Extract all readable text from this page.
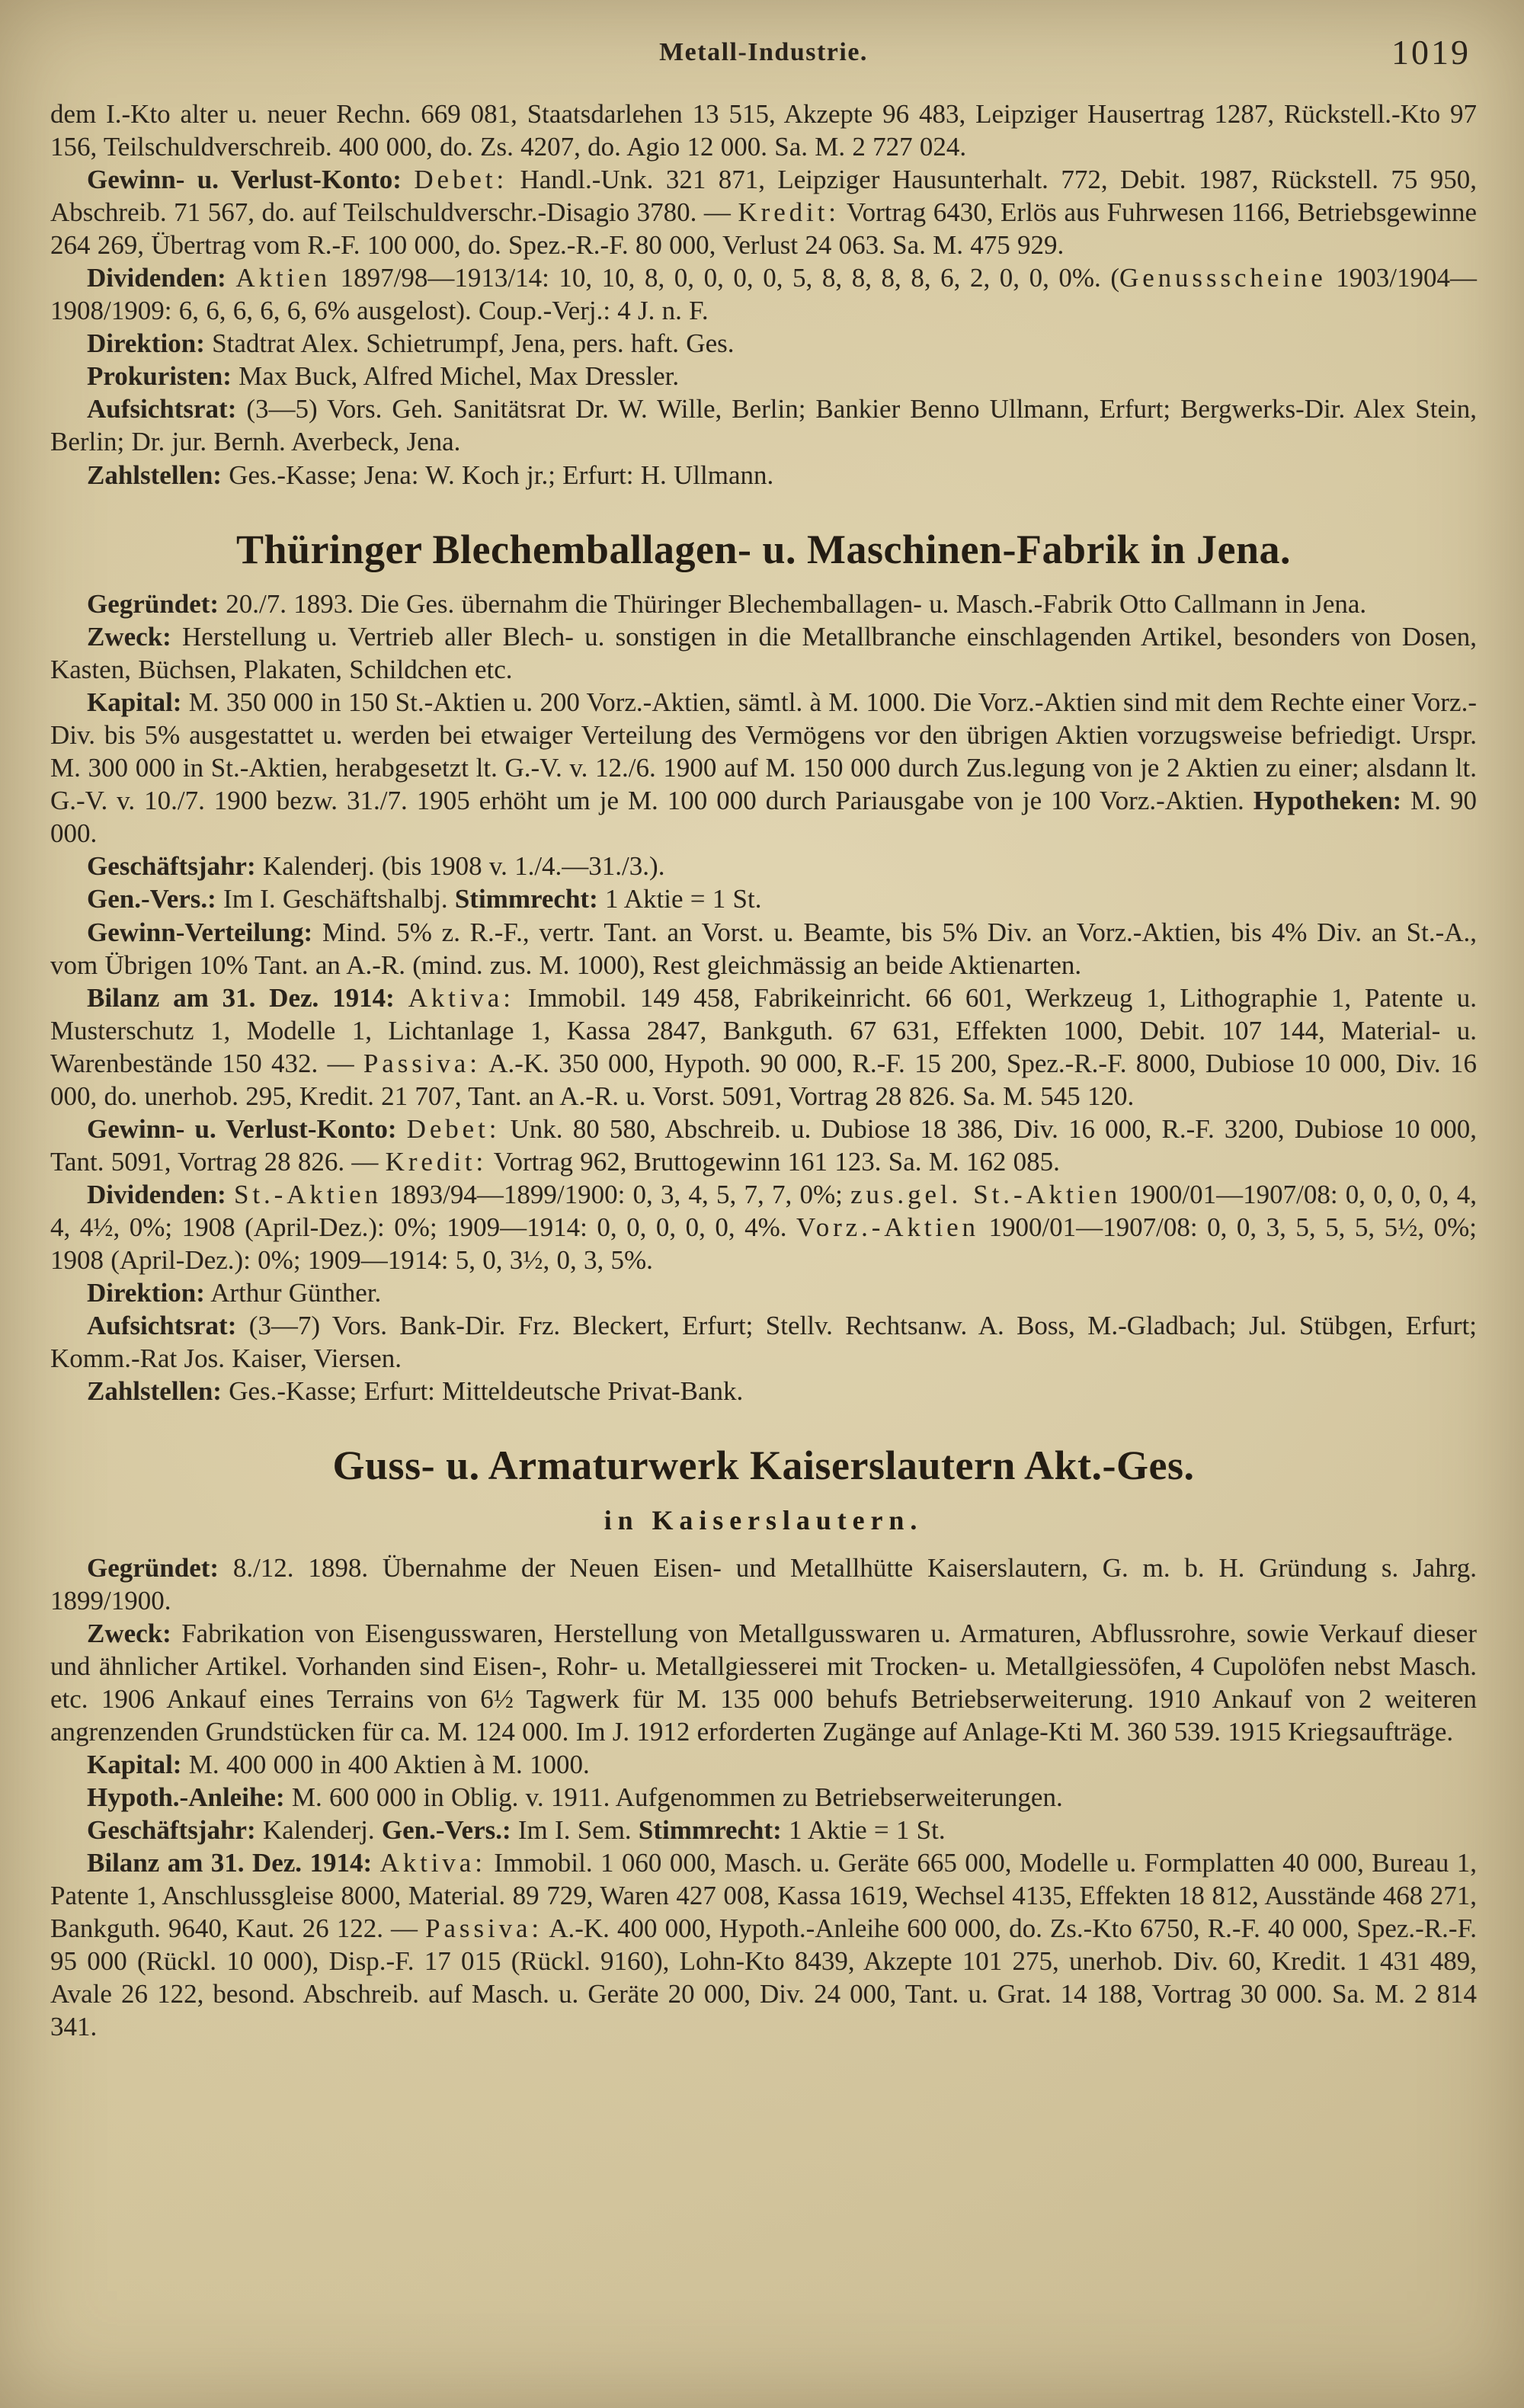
Metall-Industrie.	1019

dem I.-Kto alter u. neuer Rechn. 669 081, Staatsdarlehen 13 515, Akzepte 96 483, Leipziger Hausertrag 1287, Rückstell.-Kto 97 156, Teilschuldverschreib. 400 000, do. Zs. 4207, do. Agio 12 000. Sa. M. 2 727 024.

Gewinn- u. Verlust-Konto: Debet: Handl.-Unk. 321 871, Leipziger Hausunterhalt. 772, Debit. 1987, Rückstell. 75 950, Abschreib. 71 567, do. auf Teilschuldverschr.-Disagio 3780. — Kredit: Vortrag 6430, Erlös aus Fuhrwesen 1166, Betriebsgewinne 264 269, Übertrag vom R.-F. 100 000, do. Spez.-R.-F. 80 000, Verlust 24 063. Sa. M. 475 929.

Dividenden: Aktien 1897/98—1913/14: 10, 10, 8, 0, 0, 0, 0, 5, 8, 8, 8, 8, 6, 2, 0, 0, 0%. (Genussscheine 1903/1904—1908/1909: 6, 6, 6, 6, 6, 6% ausgelost). Coup.-Verj.: 4 J. n. F.

Direktion: Stadtrat Alex. Schietrumpf, Jena, pers. haft. Ges.

Prokuristen: Max Buck, Alfred Michel, Max Dressler.

Aufsichtsrat: (3—5) Vors. Geh. Sanitätsrat Dr. W. Wille, Berlin; Bankier Benno Ullmann, Erfurt; Bergwerks-Dir. Alex Stein, Berlin; Dr. jur. Bernh. Averbeck, Jena.

Zahlstellen: Ges.-Kasse; Jena: W. Koch jr.; Erfurt: H. Ullmann.

Thüringer Blechemballagen- u. Maschinen-Fabrik in Jena.

Gegründet: 20./7. 1893. Die Ges. übernahm die Thüringer Blechemballagen- u. Masch.-Fabrik Otto Callmann in Jena.

Zweck: Herstellung u. Vertrieb aller Blech- u. sonstigen in die Metallbranche einschlagenden Artikel, besonders von Dosen, Kasten, Büchsen, Plakaten, Schildchen etc.

Kapital: M. 350 000 in 150 St.-Aktien u. 200 Vorz.-Aktien, sämtl. à M. 1000. Die Vorz.-Aktien sind mit dem Rechte einer Vorz.-Div. bis 5% ausgestattet u. werden bei etwaiger Verteilung des Vermögens vor den übrigen Aktien vorzugsweise befriedigt. Urspr. M. 300 000 in St.-Aktien, herabgesetzt lt. G.-V. v. 12./6. 1900 auf M. 150 000 durch Zus.legung von je 2 Aktien zu einer; alsdann lt. G.-V. v. 10./7. 1900 bezw. 31./7. 1905 erhöht um je M. 100 000 durch Pariausgabe von je 100 Vorz.-Aktien. Hypotheken: M. 90 000.

Geschäftsjahr: Kalenderj. (bis 1908 v. 1./4.—31./3.).

Gen.-Vers.: Im I. Geschäftshalbj. Stimmrecht: 1 Aktie = 1 St.

Gewinn-Verteilung: Mind. 5% z. R.-F., vertr. Tant. an Vorst. u. Beamte, bis 5% Div. an Vorz.-Aktien, bis 4% Div. an St.-A., vom Übrigen 10% Tant. an A.-R. (mind. zus. M. 1000), Rest gleichmässig an beide Aktienarten.

Bilanz am 31. Dez. 1914: Aktiva: Immobil. 149 458, Fabrikeinricht. 66 601, Werkzeug 1, Lithographie 1, Patente u. Musterschutz 1, Modelle 1, Lichtanlage 1, Kassa 2847, Bankguth. 67 631, Effekten 1000, Debit. 107 144, Material- u. Warenbestände 150 432. — Passiva: A.-K. 350 000, Hypoth. 90 000, R.-F. 15 200, Spez.-R.-F. 8000, Dubiose 10 000, Div. 16 000, do. unerhob. 295, Kredit. 21 707, Tant. an A.-R. u. Vorst. 5091, Vortrag 28 826. Sa. M. 545 120.

Gewinn- u. Verlust-Konto: Debet: Unk. 80 580, Abschreib. u. Dubiose 18 386, Div. 16 000, R.-F. 3200, Dubiose 10 000, Tant. 5091, Vortrag 28 826. — Kredit: Vortrag 962, Bruttogewinn 161 123. Sa. M. 162 085.

Dividenden: St.-Aktien 1893/94—1899/1900: 0, 3, 4, 5, 7, 7, 0%; zus.gel. St.-Aktien 1900/01—1907/08: 0, 0, 0, 0, 4, 4, 4½, 0%; 1908 (April-Dez.): 0%; 1909—1914: 0, 0, 0, 0, 0, 4%. Vorz.-Aktien 1900/01—1907/08: 0, 0, 3, 5, 5, 5, 5½, 0%; 1908 (April-Dez.): 0%; 1909—1914: 5, 0, 3½, 0, 3, 5%.

Direktion: Arthur Günther.

Aufsichtsrat: (3—7) Vors. Bank-Dir. Frz. Bleckert, Erfurt; Stellv. Rechtsanw. A. Boss, M.-Gladbach; Jul. Stübgen, Erfurt; Komm.-Rat Jos. Kaiser, Viersen.

Zahlstellen: Ges.-Kasse; Erfurt: Mitteldeutsche Privat-Bank.

Guss- u. Armaturwerk Kaiserslautern Akt.-Ges.
in Kaiserslautern.

Gegründet: 8./12. 1898. Übernahme der Neuen Eisen- und Metallhütte Kaiserslautern, G. m. b. H. Gründung s. Jahrg. 1899/1900.

Zweck: Fabrikation von Eisengusswaren, Herstellung von Metallgusswaren u. Armaturen, Abflussrohre, sowie Verkauf dieser und ähnlicher Artikel. Vorhanden sind Eisen-, Rohr- u. Metallgiesserei mit Trocken- u. Metallgiessöfen, 4 Cupolöfen nebst Masch. etc. 1906 Ankauf eines Terrains von 6½ Tagwerk für M. 135 000 behufs Betriebserweiterung. 1910 Ankauf von 2 weiteren angrenzenden Grundstücken für ca. M. 124 000. Im J. 1912 erforderten Zugänge auf Anlage-Kti M. 360 539. 1915 Kriegsaufträge.

Kapital: M. 400 000 in 400 Aktien à M. 1000.

Hypoth.-Anleihe: M. 600 000 in Oblig. v. 1911. Aufgenommen zu Betriebserweiterungen.

Geschäftsjahr: Kalenderj. Gen.-Vers.: Im I. Sem. Stimmrecht: 1 Aktie = 1 St.

Bilanz am 31. Dez. 1914: Aktiva: Immobil. 1 060 000, Masch. u. Geräte 665 000, Modelle u. Formplatten 40 000, Bureau 1, Patente 1, Anschlussgleise 8000, Material. 89 729, Waren 427 008, Kassa 1619, Wechsel 4135, Effekten 18 812, Ausstände 468 271, Bankguth. 9640, Kaut. 26 122. — Passiva: A.-K. 400 000, Hypoth.-Anleihe 600 000, do. Zs.-Kto 6750, R.-F. 40 000, Spez.-R.-F. 95 000 (Rückl. 10 000), Disp.-F. 17 015 (Rückl. 9160), Lohn-Kto 8439, Akzepte 101 275, unerhob. Div. 60, Kredit. 1 431 489, Avale 26 122, besond. Abschreib. auf Masch. u. Geräte 20 000, Div. 24 000, Tant. u. Grat. 14 188, Vortrag 30 000. Sa. M. 2 814 341.
